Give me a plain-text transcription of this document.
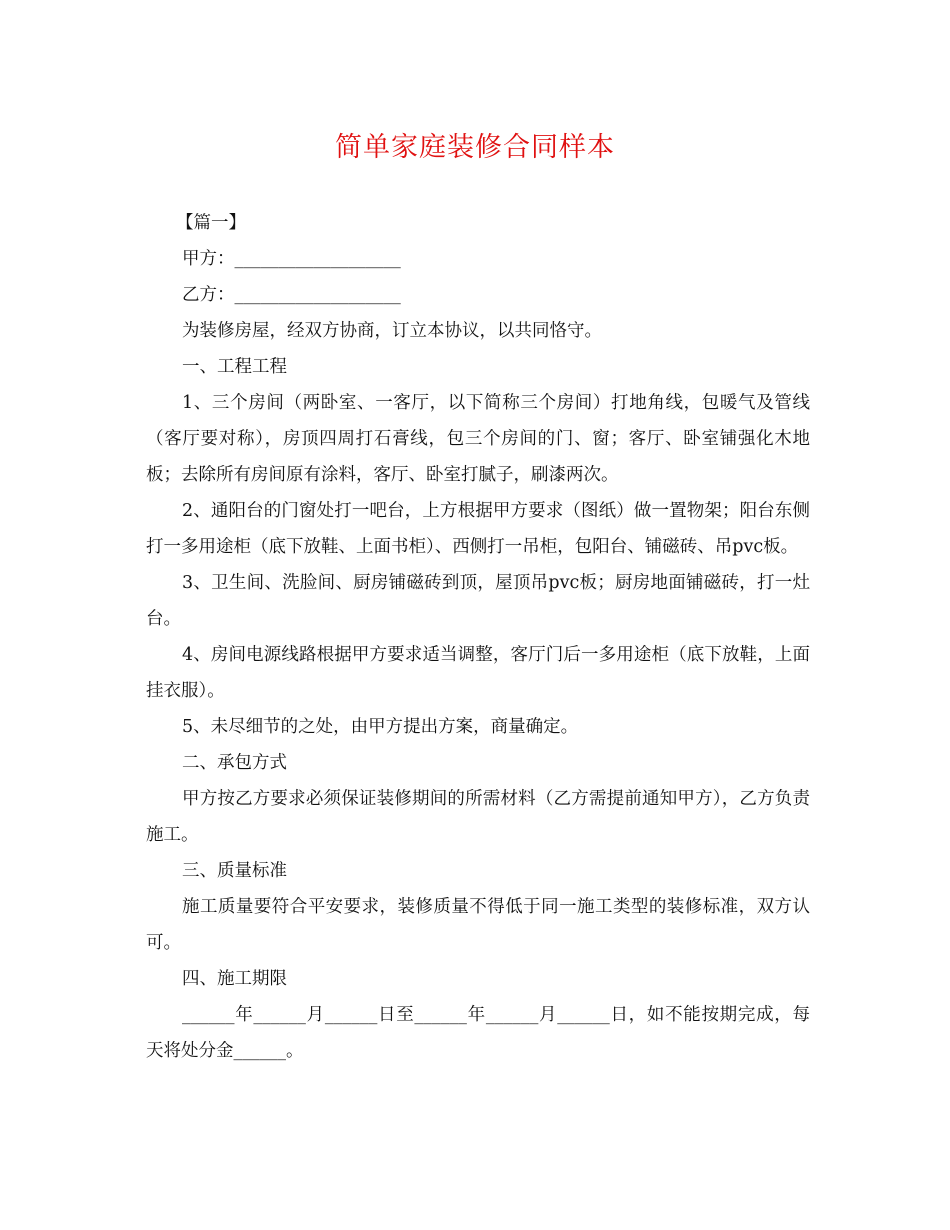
简单家庭装修合同样本

【篇一】

甲方：___________________

乙方：___________________

为装修房屋，经双方协商，订立本协议，以共同恪守。

一、工程工程

1、三个房间（两卧室、一客厅，以下简称三个房间）打地角线，包暖气及管线（客厅要对称），房顶四周打石膏线，包三个房间的门、窗；客厅、卧室铺强化木地板；去除所有房间原有涂料，客厅、卧室打腻子，刷漆两次。

2、通阳台的门窗处打一吧台，上方根据甲方要求（图纸）做一置物架；阳台东侧打一多用途柜（底下放鞋、上面书柜）、西侧打一吊柜，包阳台、铺磁砖、吊pvc板。

3、卫生间、洗脸间、厨房铺磁砖到顶，屋顶吊pvc板；厨房地面铺磁砖，打一灶台。

4、房间电源线路根据甲方要求适当调整，客厅门后一多用途柜（底下放鞋，上面挂衣服）。

5、未尽细节的之处，由甲方提出方案，商量确定。

二、承包方式

甲方按乙方要求必须保证装修期间的所需材料（乙方需提前通知甲方），乙方负责施工。

三、质量标准

施工质量要符合平安要求，装修质量不得低于同一施工类型的装修标准，双方认可。

四、施工期限

______年______月______日至______年______月______日，如不能按期完成，每天将处分金______。
